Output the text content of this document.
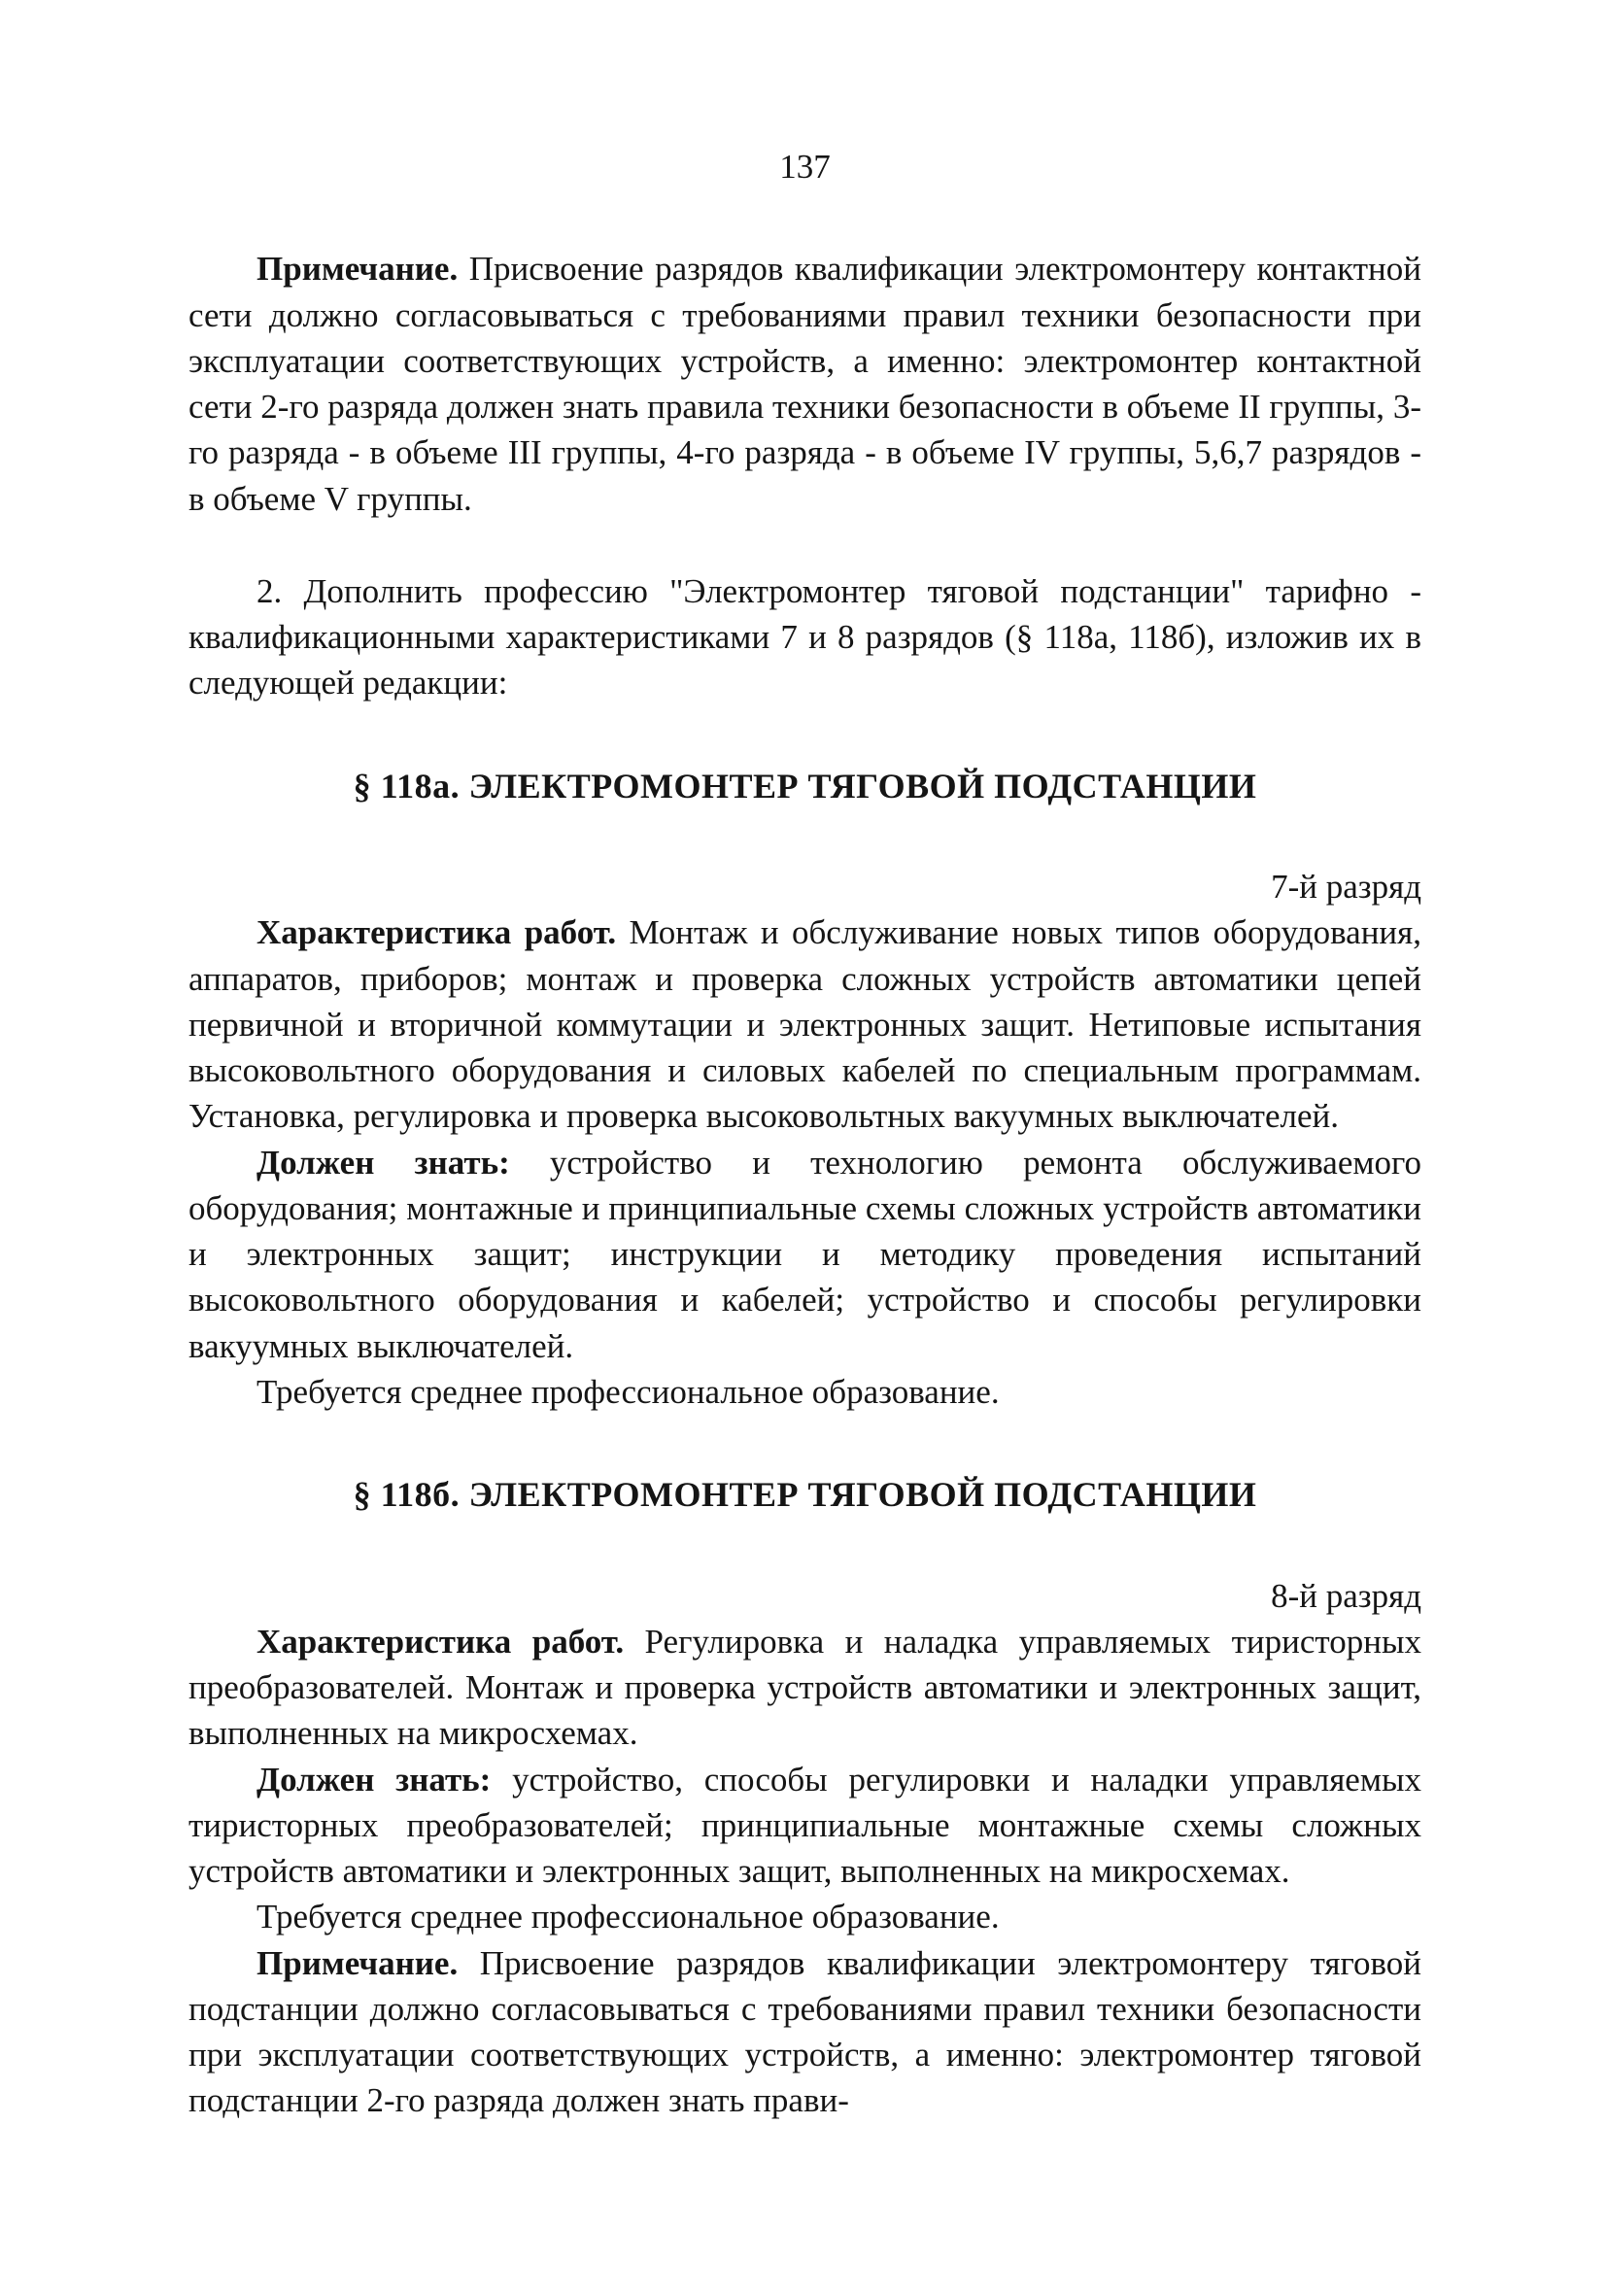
137

Примечание. Присвоение разрядов квалификации электромонтеру контактной сети должно согласовываться с требованиями правил техники безопасности при эксплуатации соответствующих устройств, а именно: электромонтер контактной сети 2-го разряда должен знать правила техники безопасности в объеме II группы, 3-го разряда - в объеме III группы, 4-го разряда - в объеме IV группы, 5,6,7 разрядов - в объеме V группы.

2. Дополнить профессию "Электромонтер тяговой подстанции" тарифно - квалификационными характеристиками 7 и 8 разрядов (§ 118а, 118б), изложив их в следующей редакции:

§ 118а. ЭЛЕКТРОМОНТЕР ТЯГОВОЙ ПОДСТАНЦИИ

7-й разряд

Характеристика работ. Монтаж и обслуживание новых типов оборудования, аппаратов, приборов; монтаж и проверка сложных устройств автоматики цепей первичной и вторичной коммутации и электронных защит. Нетиповые испытания высоковольтного оборудования и силовых кабелей по специальным программам. Установка, регулировка и проверка высоковольтных вакуумных выключателей.

Должен знать: устройство и технологию ремонта обслуживаемого оборудования; монтажные и принципиальные схемы сложных устройств автоматики и электронных защит; инструкции и методику проведения испытаний высоковольтного оборудования и кабелей; устройство и способы регулировки вакуумных выключателей.

Требуется среднее профессиональное образование.

§ 118б. ЭЛЕКТРОМОНТЕР ТЯГОВОЙ ПОДСТАНЦИИ

8-й разряд

Характеристика работ. Регулировка и наладка управляемых тиристорных преобразователей. Монтаж и проверка устройств автоматики и электронных защит, выполненных на микросхемах.

Должен знать: устройство, способы регулировки и наладки управляемых тиристорных преобразователей; принципиальные монтажные схемы сложных устройств автоматики и электронных защит, выполненных на микросхемах.

Требуется среднее профессиональное образование.

Примечание. Присвоение разрядов квалификации электромонтеру тяговой подстанции должно согласовываться с требованиями правил техники безопасности при эксплуатации соответствующих устройств, а именно: электромонтер тяговой подстанции 2-го разряда должен знать прави-
